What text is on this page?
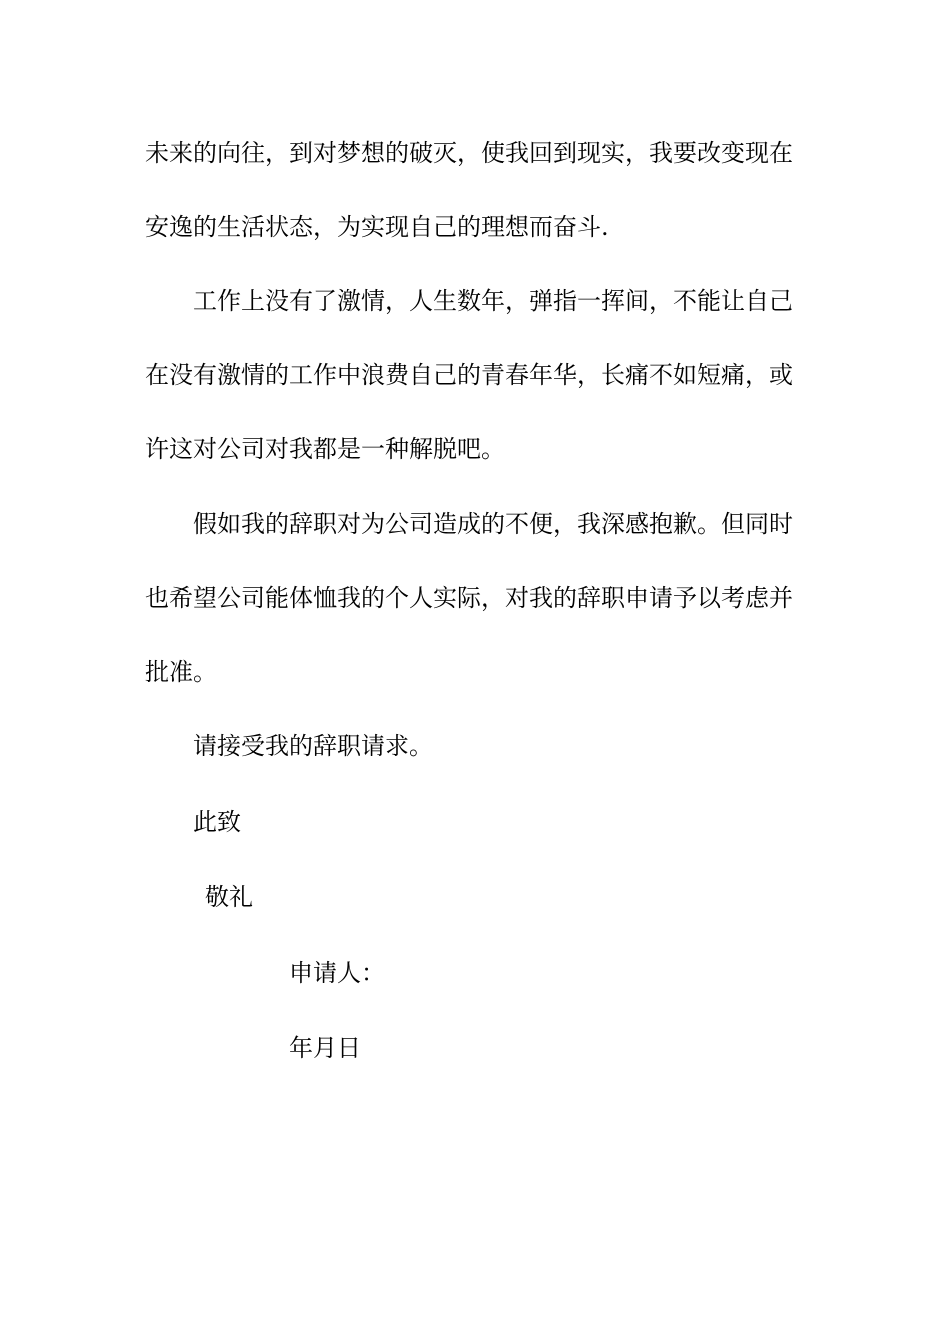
未来的向往，到对梦想的破灭，使我回到现实，我要改变现在
安逸的生活状态，为实现自己的理想而奋斗.
工作上没有了激情，人生数年，弹指一挥间，不能让自己
在没有激情的工作中浪费自己的青春年华，长痛不如短痛，或
许这对公司对我都是一种解脱吧。
假如我的辞职对为公司造成的不便，我深感抱歉。但同时
也希望公司能体恤我的个人实际，对我的辞职申请予以考虑并
批准。
请接受我的辞职请求。
此致
敬礼
申请人：
年月日
